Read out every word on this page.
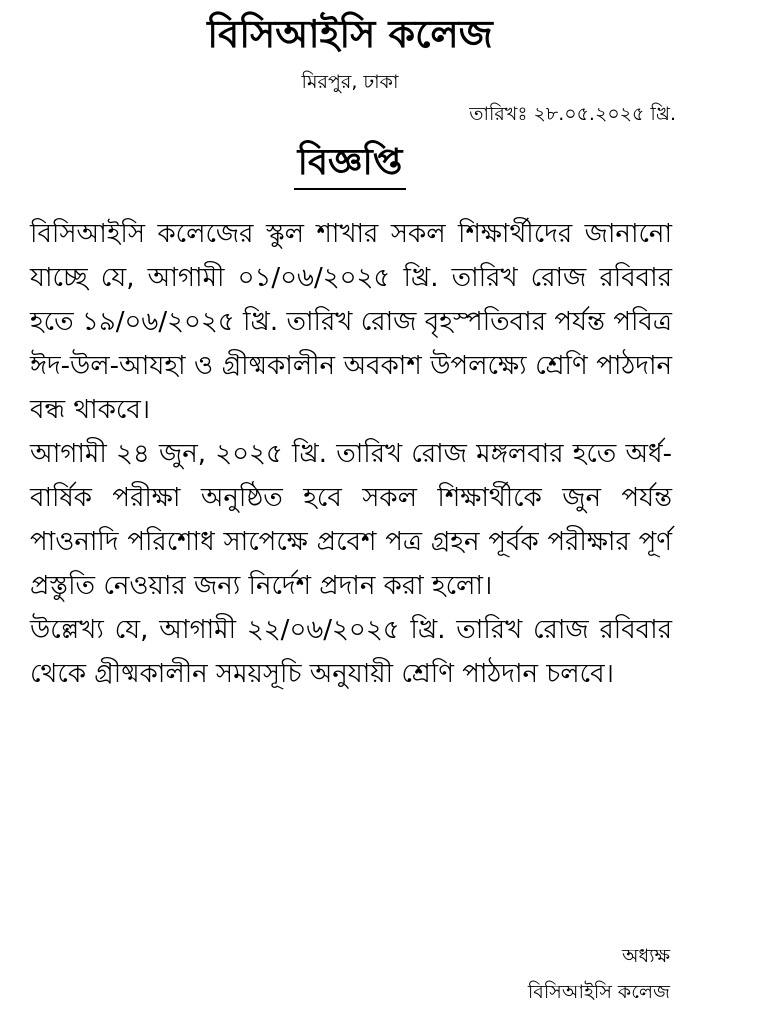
বিসিআইসি কলেজ
মিরপুর, ঢাকা
তারিখঃ ২৮.০৫.২০২৫ খ্রি.
বিজ্ঞপ্তি

বিসিআইসি কলেজের স্কুল শাখার সকল শিক্ষার্থীদের জানানো যাচ্ছে যে, আগামী ০১/০৬/২০২৫ খ্রি. তারিখ রোজ রবিবার হতে ১৯/০৬/২০২৫ খ্রি. তারিখ রোজ বৃহস্পতিবার পর্যন্ত পবিত্র ঈদ-উল-আযহা ও গ্রীষ্মকালীন অবকাশ উপলক্ষ্যে শ্রেণি পাঠদান বন্ধ থাকবে।

আগামী ২৪ জুন, ২০২৫ খ্রি. তারিখ রোজ মঙ্গলবার হতে অর্ধ-বার্ষিক পরীক্ষা অনুষ্ঠিত হবে সকল শিক্ষার্থীকে জুন পর্যন্ত পাওনাদি পরিশোধ সাপেক্ষে প্রবেশ পত্র গ্রহন পূর্বক পরীক্ষার পূর্ণ প্রস্তুতি নেওয়ার জন্য নির্দেশ প্রদান করা হলো।

উল্লেখ্য যে, আগামী ২২/০৬/২০২৫ খ্রি. তারিখ রোজ রবিবার থেকে গ্রীষ্মকালীন সময়সূচি অনুযায়ী শ্রেণি পাঠদান চলবে।

অধ্যক্ষ
বিসিআইসি কলেজ
